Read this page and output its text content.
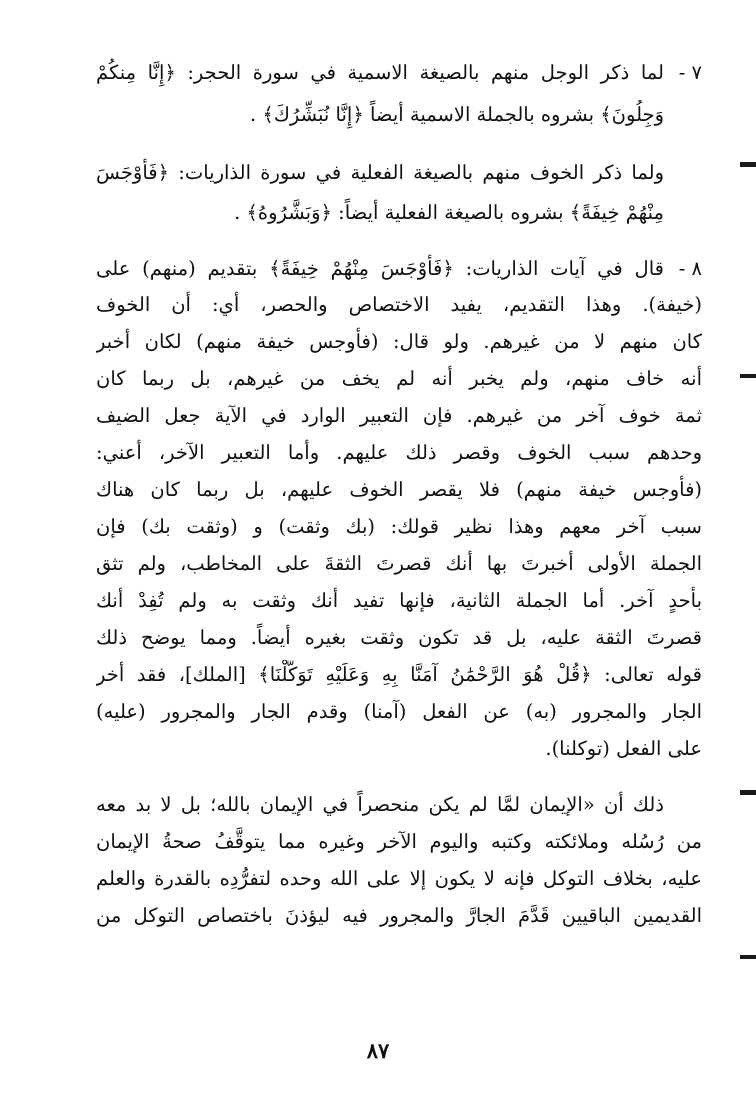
٧ -
لما ذكر الوجل منهم بالصيغة الاسمية في سورة الحجر: ﴿إِنَّا مِنكُمْ
وَجِلُونَ﴾ بشروه بالجملة الاسمية أيضاً ﴿إِنَّا نُبَشِّرُكَ﴾ .
ولما ذكر الخوف منهم بالصيغة الفعلية في سورة الذاريات: ﴿فَأَوْجَسَ
مِنْهُمْ خِيفَةً﴾ بشروه بالصيغة الفعلية أيضاً: ﴿وَبَشَّرُوهُ﴾ .
٨ -
قال في آيات الذاريات: ﴿فَأَوْجَسَ مِنْهُمْ خِيفَةً﴾ بتقديم (منهم) على
(خيفة). وهذا التقديم، يفيد الاختصاص والحصر، أي: أن الخوف
كان منهم لا من غيرهم. ولو قال: (فأوجس خيفة منهم) لكان أخبر
أنه خاف منهم، ولم يخبر أنه لم يخف من غيرهم، بل ربما كان
ثمة خوف آخر من غيرهم. فإن التعبير الوارد في الآية جعل الضيف
وحدهم سبب الخوف وقصر ذلك عليهم. وأما التعبير الآخر، أعني:
(فأوجس خيفة منهم) فلا يقصر الخوف عليهم، بل ربما كان هناك
سبب آخر معهم وهذا نظير قولك: (بك وثقت) و (وثقت بك) فإن
الجملة الأولى أخبرتَ بها أنك قصرتَ الثقةَ على المخاطب، ولم تثق
بأحدٍ آخر. أما الجملة الثانية، فإنها تفيد أنك وثقت به ولم تُفِدْ أنك
قصرتَ الثقة عليه، بل قد تكون وثقت بغيره أيضاً. ومما يوضح ذلك
قوله تعالى: ﴿قُلْ هُوَ الرَّحْمَٰنُ آمَنَّا بِهِ وَعَلَيْهِ تَوَكَّلْنَا﴾ [الملك]، فقد أخر
الجار والمجرور (به) عن الفعل (آمنا) وقدم الجار والمجرور (عليه)
على الفعل (توكلنا).
ذلك أن «الإيمان لمَّا لم يكن منحصراً في الإيمان بالله؛ بل لا بد معه
من رُسُله وملائكته وكتبه واليوم الآخر وغيره مما يتوقَّفُ صحةُ الإيمان
عليه، بخلاف التوكل فإنه لا يكون إلا على الله وحده لتفرُّدِه بالقدرة والعلم
القديمين الباقيين قَدَّمَ الجارَّ والمجرور فيه ليؤذنَ باختصاص التوكل من
٨٧
